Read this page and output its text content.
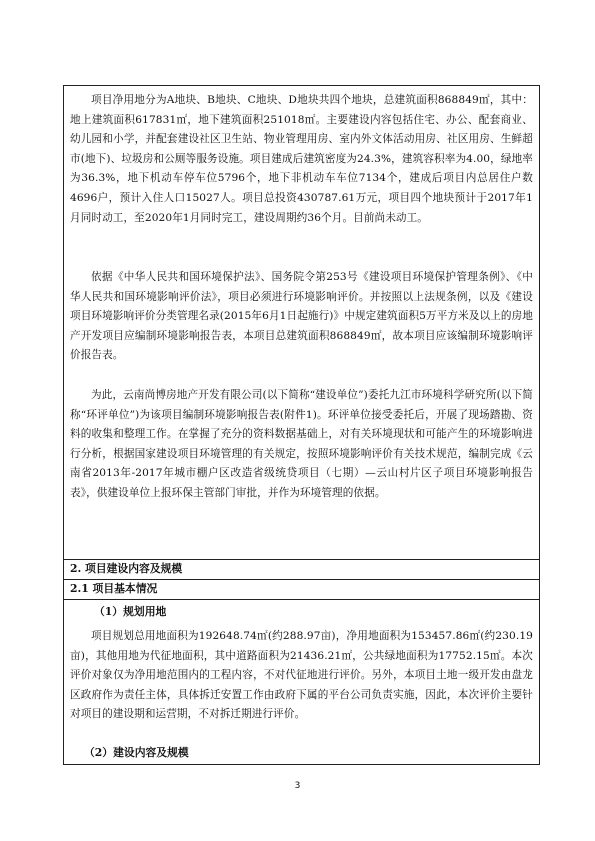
项目净用地分为A地块、B地块、C地块、D地块共四个地块，总建筑面积868849㎡，其中：地上建筑面积617831㎡，地下建筑面积251018㎡。主要建设内容包括住宅、办公、配套商业、幼儿园和小学，并配套建设社区卫生站、物业管理用房、室内外文体活动用房、社区用房、生鲜超市(地下)、垃圾房和公厕等服务设施。项目建成后建筑密度为24.3%，建筑容积率为4.00，绿地率为36.3%，地下机动车停车位5796个，地下非机动车车位7134个，建成后项目内总居住户数4696户，预计入住人口15027人。项目总投资430787.61万元，项目四个地块预计于2017年1月同时动工，至2020年1月同时完工，建设周期约36个月。目前尚未动工。

依据《中华人民共和国环境保护法》、国务院令第253号《建设项目环境保护管理条例》、《中华人民共和国环境影响评价法》，项目必须进行环境影响评价。并按照以上法规条例，以及《建设项目环境影响评价分类管理名录(2015年6月1日起施行)》中规定建筑面积5万平方米及以上的房地产开发项目应编制环境影响报告表，本项目总建筑面积868849㎡，故本项目应该编制环境影响评价报告表。

为此，云南尚博房地产开发有限公司(以下简称“建设单位”)委托九江市环境科学研究所(以下简称“环评单位”)为该项目编制环境影响报告表(附件1)。环评单位接受委托后，开展了现场踏勘、资料的收集和整理工作。在掌握了充分的资料数据基础上，对有关环境现状和可能产生的环境影响进行分析，根据国家建设项目环境管理的有关规定，按照环境影响评价有关技术规范，编制完成《云南省2013年-2017年城市棚户区改造省级统贷项目（七期）—云山村片区子项目环境影响报告表》，供建设单位上报环保主管部门审批，并作为环境管理的依据。

2. 项目建设内容及规模

2.1 项目基本情况

（1）规划用地

项目规划总用地面积为192648.74㎡(约288.97亩)，净用地面积为153457.86㎡(约230.19亩)，其他用地为代征地面积，其中道路面积为21436.21㎡，公共绿地面积为17752.15㎡。本次评价对象仅为净用地范围内的工程内容，不对代征地进行评价。另外，本项目土地一级开发由盘龙区政府作为责任主体，具体拆迁安置工作由政府下属的平台公司负责实施，因此，本次评价主要针对项目的建设期和运营期，不对拆迁期进行评价。

（2）建设内容及规模

3
